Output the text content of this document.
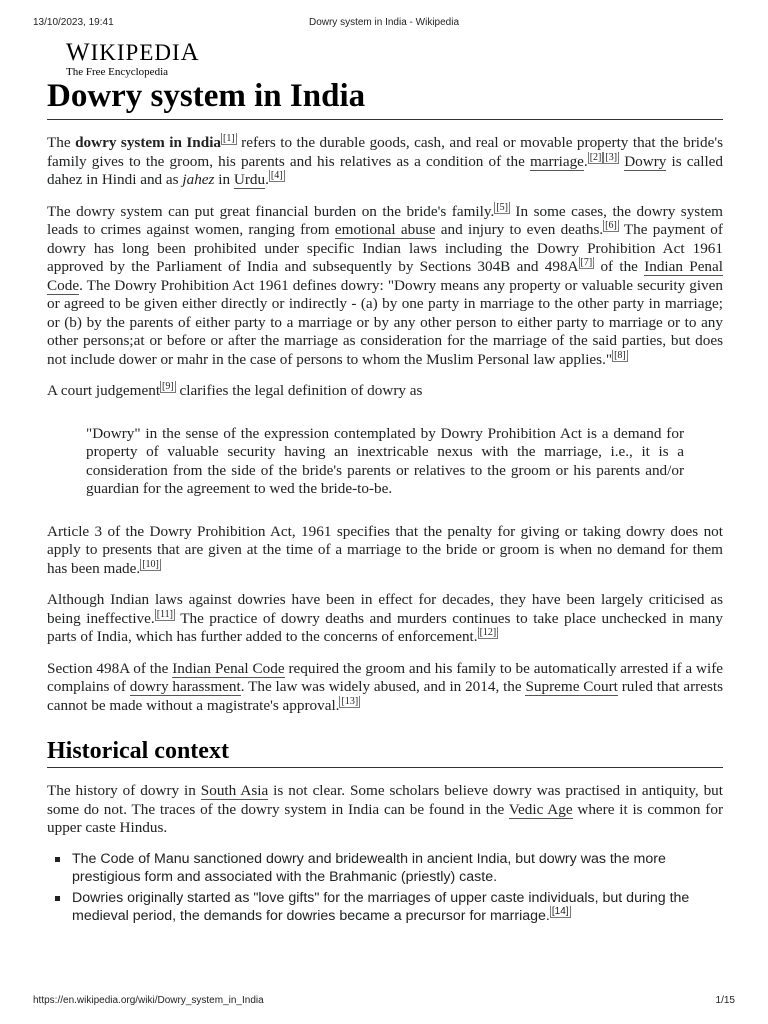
13/10/2023, 19:41	Dowry system in India - Wikipedia
WIKIPEDIA
The Free Encyclopedia
Dowry system in India

The dowry system in India [1] refers to the durable goods, cash, and real or movable property that the bride's family gives to the groom, his parents and his relatives as a condition of the marriage. [2] [3] Dowry is called dahez in Hindi and as jahez in Urdu. [4]

The dowry system can put great financial burden on the bride's family. [5] In some cases, the dowry system leads to crimes against women, ranging from emotional abuse and injury to even deaths. [6] The payment of dowry has long been prohibited under specific Indian laws including the Dowry Prohibition Act 1961 approved by the Parliament of India and subsequently by Sections 304B and 498A [7] of the Indian Penal Code. The Dowry Prohibition Act 1961 defines dowry: "Dowry means any property or valuable security given or agreed to be given either directly or indirectly - (a) by one party in marriage to the other party in marriage; or (b) by the parents of either party to a marriage or by any other person to either party to marriage or to any other persons;at or before or after the marriage as consideration for the marriage of the said parties, but does not include dower or mahr in the case of persons to whom the Muslim Personal law applies." [8]

A court judgement [9] clarifies the legal definition of dowry as

"Dowry" in the sense of the expression contemplated by Dowry Prohibition Act is a demand for property of valuable security having an inextricable nexus with the marriage, i.e., it is a consideration from the side of the bride's parents or relatives to the groom or his parents and/or guardian for the agreement to wed the bride-to-be.

Article 3 of the Dowry Prohibition Act, 1961 specifies that the penalty for giving or taking dowry does not apply to presents that are given at the time of a marriage to the bride or groom is when no demand for them has been made. [10]

Although Indian laws against dowries have been in effect for decades, they have been largely criticised as being ineffective. [11] The practice of dowry deaths and murders continues to take place unchecked in many parts of India, which has further added to the concerns of enforcement. [12]

Section 498A of the Indian Penal Code required the groom and his family to be automatically arrested if a wife complains of dowry harassment. The law was widely abused, and in 2014, the Supreme Court ruled that arrests cannot be made without a magistrate's approval. [13]

Historical context

The history of dowry in South Asia is not clear. Some scholars believe dowry was practised in antiquity, but some do not. The traces of the dowry system in India can be found in the Vedic Age where it is common for upper caste Hindus.

The Code of Manu sanctioned dowry and bridewealth in ancient India, but dowry was the more prestigious form and associated with the Brahmanic (priestly) caste.
Dowries originally started as "love gifts" for the marriages of upper caste individuals, but during the medieval period, the demands for dowries became a precursor for marriage. [14]
https://en.wikipedia.org/wiki/Dowry_system_in_India	1/15
